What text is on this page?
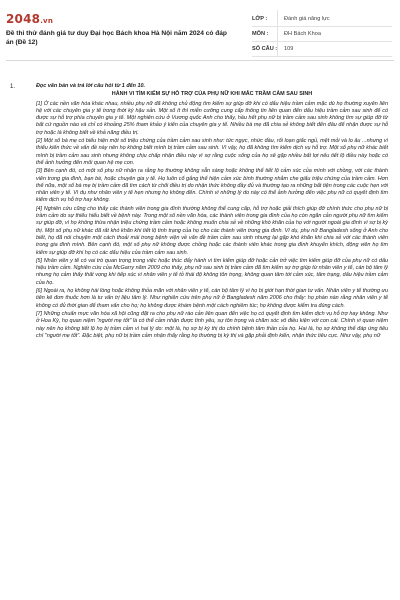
2048.vn
Đề thi thử đánh giá tư duy Đại học Bách khoa Hà Nội năm 2024 có đáp án (Đề 12)
LỚP :	Đánh giá năng lực
MÔN :	ĐH Bách Khoa
SỐ CÂU :	109
1.	Đọc văn bản và trả lời câu hỏi từ 1 đến 10.
HÀNH VI TÌM KIẾM SỰ HỖ TRỢ CỦA PHỤ NỮ KHI MẮC TRẦM CẢM SAU SINH

[1] Ở các nền văn hóa khác nhau, nhiều phụ nữ đã không chủ động tìm kiếm sự giúp đỡ khi có dấu hiệu trầm cảm mặc dù họ thường xuyên liên hệ với các chuyên gia y tế trong thời kỳ hậu sản. Một số ít thì miễn cưỡng cung cấp thông tin liên quan đến dấu hiệu trầm cảm sau sinh để có được sự hỗ trợ phía chuyên gia y tế. Một nghiên cứu ở Vương quốc Anh cho thấy, hầu hết phụ nữ bị trầm cảm sau sinh không tìm sự giúp đỡ từ bất cứ nguồn nào và chỉ có khoảng 25% tham khảo ý kiến của chuyên gia y tế. Nhiều bà mẹ đã chia sẻ không biết đến đâu để nhận được sự hỗ trợ hoặc là không biết về khả năng điều trị.

[2] Một số bà mẹ có biểu hiện một số triệu chứng của trầm cảm sau sinh như: tức ngực, nhức đầu, rối loạn giấc ngủ, mệt mỏi và lo âu ...nhưng vì thiếu kiến thức về vấn đề này nên họ không biết mình bị trầm cảm sau sinh. Vì vậy, họ đã không tìm kiếm dịch vụ hỗ trợ. Một số phụ nữ khác biết mình bị trầm cảm sau sinh nhưng không chịu chấp nhận điều này vì sợ rằng cuộc sống của họ sẽ gặp nhiều bất lợi nếu tiết lộ điều này hoặc có thể ảnh hưởng đến mối quan hệ mẹ con.

[3] Bên cạnh đó, có một số phụ nữ nhận ra rằng họ thường không sẵn sàng hoặc không thể tiết lộ cảm xúc của mình với chồng, với các thành viên trong gia đình, bạn bè, hoặc chuyên gia y tế. Họ luôn cố gắng thể hiện cảm xúc bình thường nhằm che giấu triệu chứng của trầm cảm. Hơn thế nữa, một số bà mẹ bị trầm cảm đã tìm cách từ chối điều trị do nhận thức không đầy đủ và thường tạo ra những bất tiện trong các cuộc hẹn với nhân viên y tế. Vì dụ như nhân viên y tế hẹn nhưng họ không đến. Chính vì những lý do này có thể ảnh hưởng đến việc phụ nữ có quyết định tìm kiếm dịch vụ hỗ trợ hay không.

[4] Nghiên cứu cũng cho thấy các thành viên trong gia đình thường không thể cung cấp, hỗ trợ hoặc giải thích giúp đỡ chính thức cho phụ nữ bị trầm cảm do sự thiếu hiểu biết về bệnh này. Trong một số nền văn hóa, các thành viên trong gia đình của họ còn ngăn cản người phụ nữ tìm kiếm sự giúp đỡ, vì họ không thừa nhận triệu chứng trầm cảm hoặc không muốn chia sẻ về những khó khăn của họ với người ngoài gia đình vì sợ bị kỳ thị. Một số phụ nữ khác đã rất khó khăn khi tiết lộ tình trạng của họ cho các thành viên trong gia đình. Ví dụ, phụ nữ Bangladesh sống ở Anh cho biết, họ đã nói chuyện một cách thoải mái trong bệnh viện về vấn đề trầm cảm sau sinh nhưng lại gặp khó khăn khi chia sẻ với các thành viên trong gia đình mình. Bên cạnh đó, một số phụ nữ không được chồng hoặc các thành viên khác trong gia đình khuyến khích, động viên họ tìm kiếm sự giúp đỡ khi họ có các dấu hiệu của trầm cảm sau sinh.

[5] Nhân viên y tế có vai trò quan trọng trong việc hoặc thúc đẩy hành vi tìm kiếm giúp đỡ hoặc cản trở việc tìm kiếm giúp đỡ của phụ nữ có dấu hiệu trầm cảm. Nghiên cứu của McGarry năm 2009 cho thấy, phụ nữ sau sinh bị trầm cảm đã tìm kiếm sự trợ giúp từ nhân viên y tế, cán bộ tâm lý nhưng họ cảm thấy thất vọng khi tiếp xúc vì nhân viên y tế tỏ thái độ không tôn trọng, không quan tâm tới cảm xúc, tâm trạng, dấu hiệu trầm cảm của họ.

[6] Ngoài ra, họ không hài lòng hoặc không thỏa mãn với nhân viên y tế, cán bộ tâm lý vì họ bị giới hạn thời gian tư vấn. Nhân viên y tế thường ưu tiên kê đơn thuốc hơn là tư vấn trị liệu tâm lý. Như nghiên cứu trên phụ nữ ở Bangladesh năm 2006 cho thấy: họ phàn nàn rằng nhân viên y tế không có đủ thời gian để tham vấn cho họ; họ không được khám bệnh một cách nghiêm túc; họ không được kiểm tra đúng cách.

[7] Những chuẩn mực văn hóa xã hội cũng đặt ra cho phụ nữ rào cản liên quan đến việc họ có quyết định tìm kiếm dịch vụ hỗ trợ hay không. Như ở Hoa Kỳ, họ quan niệm "người mẹ tốt" là có thể cảm nhận được tình yêu, sự tôn trọng và chăm sóc vô điều kiện với con cái. Chính vì quan niệm này nên họ không tiết lộ họ bị trầm cảm vì hai lý do: một là, họ sợ bị kỳ thị do chính bệnh tâm thần của họ. Hai là, họ sợ không thể đáp ứng tiêu chí "người mẹ tốt". Đặc biệt, phụ nữ bị trầm cảm nhận thấy rằng họ thường bị kỳ thị và gặp phải định kiến, nhận thức tiêu cực. Như vậy, phụ nữ
